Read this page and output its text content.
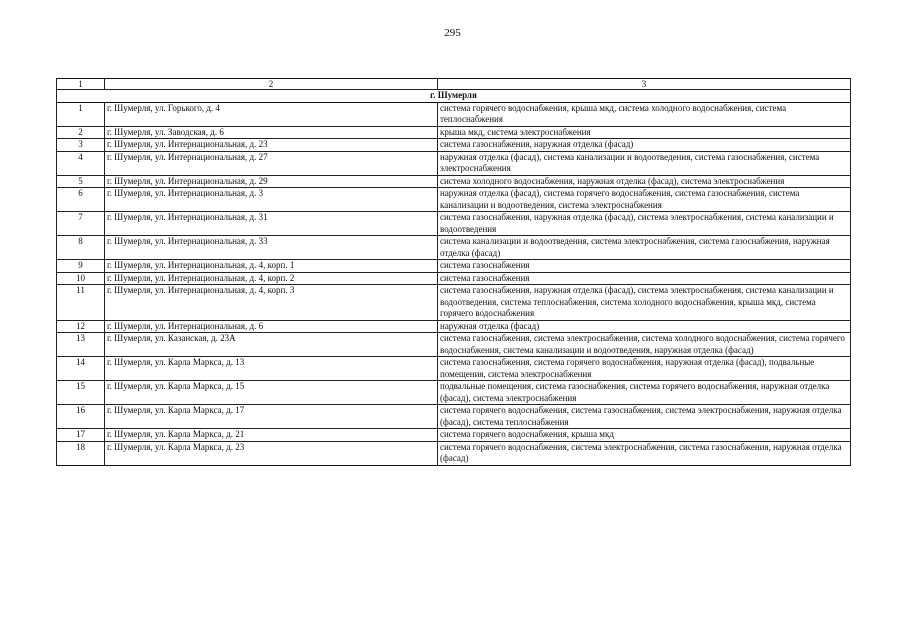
295
1	2	3
г. Шумерля		
1	г. Шумерля, ул. Горького, д. 4	система горячего водоснабжения, крыша мкд, система холодного водоснабжения, система теплоснабжения
2	г. Шумерля, ул. Заводская, д. 6	крыша мкд, система электроснабжения
3	г. Шумерля, ул. Интернациональная, д. 23	система газоснабжения, наружная отделка (фасад)
4	г. Шумерля, ул. Интернациональная, д. 27	наружная отделка (фасад), система канализации и водоотведения, система газоснабжения, система электроснабжения
5	г. Шумерля, ул. Интернациональная, д. 29	система холодного водоснабжения, наружная отделка (фасад), система электроснабжения
6	г. Шумерля, ул. Интернациональная, д. 3	наружная отделка (фасад), система горячего водоснабжения, система газоснабжения, система канализации и водоотведения, система электроснабжения
7	г. Шумерля, ул. Интернациональная, д. 31	система газоснабжения, наружная отделка (фасад), система электроснабжения, система канализации и водоотведения
8	г. Шумерля, ул. Интернациональная, д. 33	система канализации и водоотведения, система электроснабжения, система газоснабжения, наружная отделка (фасад)
9	г. Шумерля, ул. Интернациональная, д. 4, корп. 1	система газоснабжения
10	г. Шумерля, ул. Интернациональная, д. 4, корп. 2	система газоснабжения
11	г. Шумерля, ул. Интернациональная, д. 4, корп. 3	система газоснабжения, наружная отделка (фасад), система электроснабжения, система канализации и водоотведения, система теплоснабжения, система холодного водоснабжения, крыша мкд, система горячего водоснабжения
12	г. Шумерля, ул. Интернациональная, д. 6	наружная отделка (фасад)
13	г. Шумерля, ул. Казанская, д. 23А	система газоснабжения, система электроснабжения, система холодного водоснабжения, система горячего водоснабжения, система канализации и водоотведения, наружная отделка (фасад)
14	г. Шумерля, ул. Карла Маркса, д. 13	система газоснабжения, система горячего водоснабжения, наружная отделка (фасад), подвальные помещения, система электроснабжения
15	г. Шумерля, ул. Карла Маркса, д. 15	подвальные помещения, система газоснабжения, система горячего водоснабжения, наружная отделка (фасад), система электроснабжения
16	г. Шумерля, ул. Карла Маркса, д. 17	система горячего водоснабжения, система газоснабжения, система электроснабжения, наружная отделка (фасад), система теплоснабжения
17	г. Шумерля, ул. Карла Маркса, д. 21	система горячего водоснабжения, крыша мкд
18	г. Шумерля, ул. Карла Маркса, д. 23	система горячего водоснабжения, система электроснабжения, система газоснабжения, наружная отделка (фасад)
